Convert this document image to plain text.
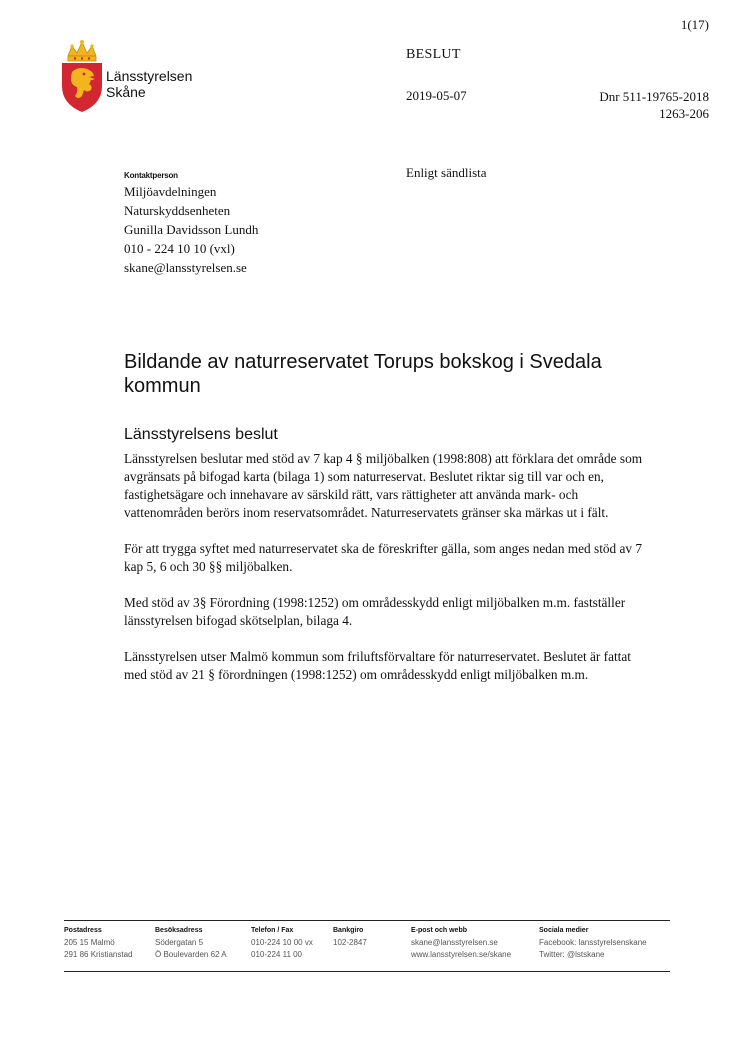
Länsstyrelsen
Skåne
BESLUT
1(17)
2019-05-07	Dnr 511-19765-2018
1263-206
Kontaktperson
Miljöavdelningen
Naturskyddsenheten
Gunilla Davidsson Lundh
010 - 224 10 10 (vxl)
skane@lansstyrelsen.se
Enligt sändlista
Bildande av naturreservatet Torups bokskog i Svedala kommun
Länsstyrelsens beslut

Länsstyrelsen beslutar med stöd av 7 kap 4 § miljöbalken (1998:808) att förklara det område som avgränsats på bifogad karta (bilaga 1) som naturreservat. Beslutet riktar sig till var och en, fastighetsägare och innehavare av särskild rätt, vars rättigheter att använda mark- och vattenområden berörs inom reservatsområdet. Naturreservatets gränser ska märkas ut i fält.

För att trygga syftet med naturreservatet ska de föreskrifter gälla, som anges nedan med stöd av 7 kap 5, 6 och 30 §§ miljöbalken.

Med stöd av 3§ Förordning (1998:1252) om områdesskydd enligt miljöbalken m.m. fastställer länsstyrelsen bifogad skötselplan, bilaga 4.

Länsstyrelsen utser Malmö kommun som friluftsförvaltare för naturreservatet. Beslutet är fattat med stöd av 21 § förordningen (1998:1252) om områdesskydd enligt miljöbalken m.m.

Postadress
205 15 Malmö
291 86 Kristianstad
Besöksadress
Södergatan 5
Ö Boulevarden 62 A
Telefon / Fax
010-224 10 00 vx
010-224 11 00
Bankgiro
102-2847
E-post och webb
skane@lansstyrelsen.se
www.lansstyrelsen.se/skane
Sociala medier
Facebook: lansstyrelsenskane
Twitter: @lstskane
